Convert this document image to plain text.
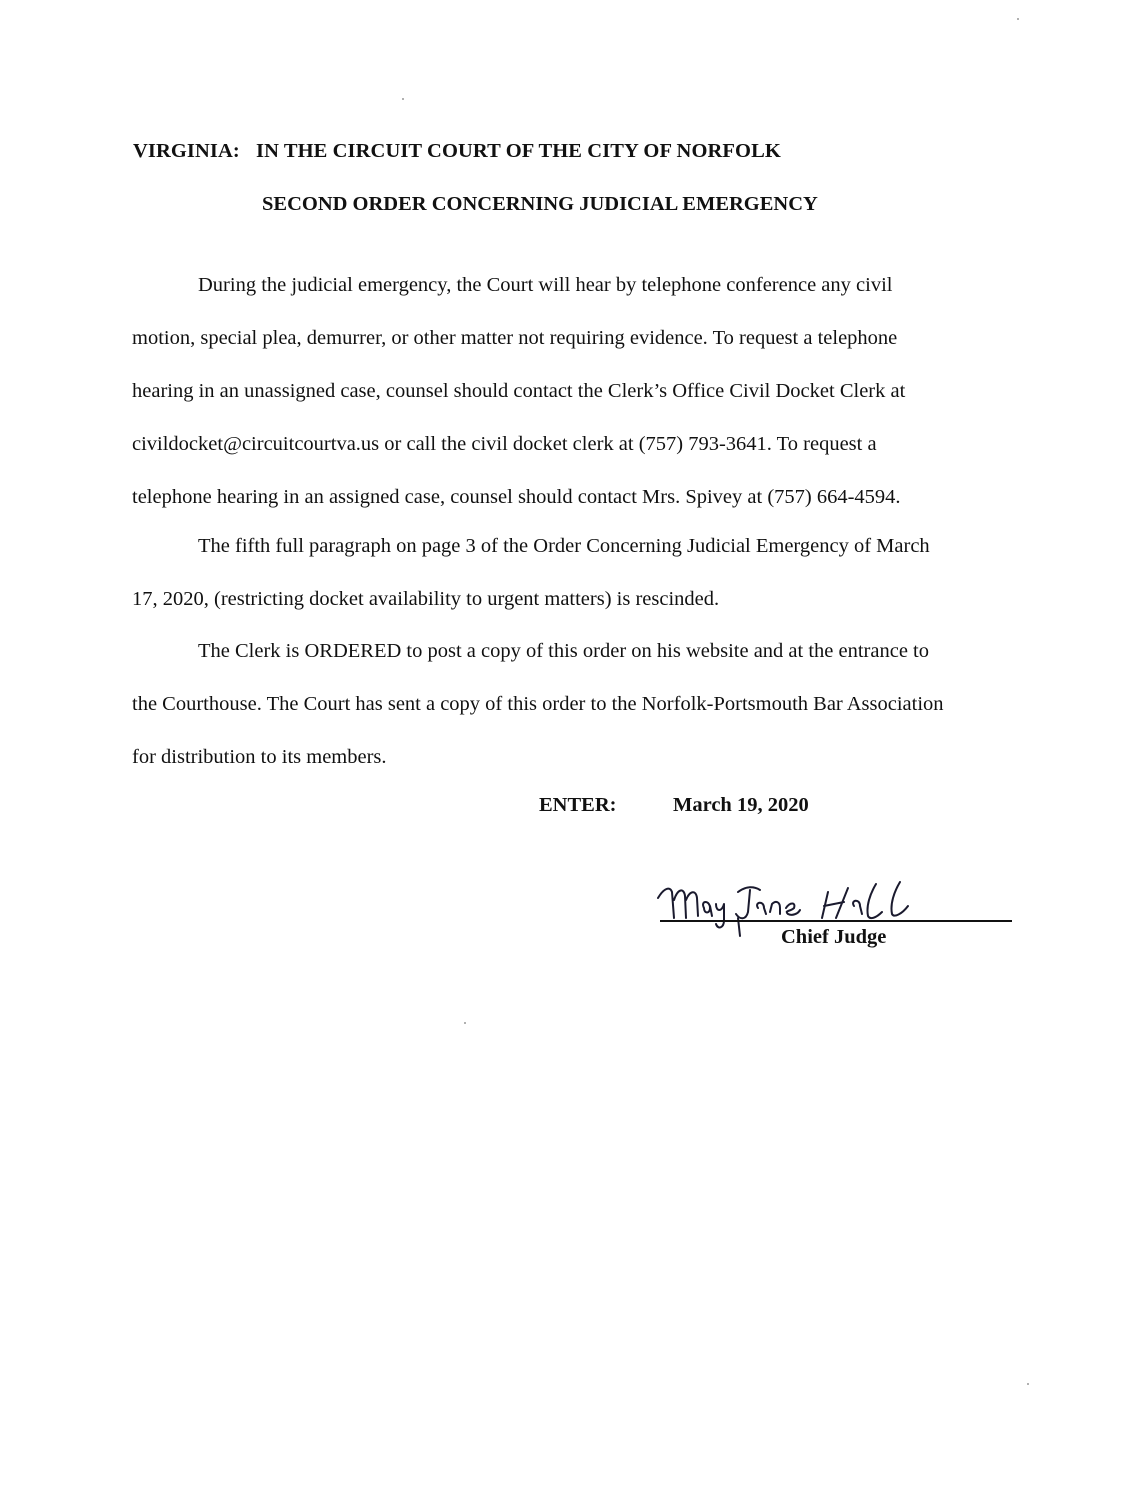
VIRGINIA: IN THE CIRCUIT COURT OF THE CITY OF NORFOLK
SECOND ORDER CONCERNING JUDICIAL EMERGENCY

During the judicial emergency, the Court will hear by telephone conference any civil
motion, special plea, demurrer, or other matter not requiring evidence. To request a telephone
hearing in an unassigned case, counsel should contact the Clerk’s Office Civil Docket Clerk at
civildocket@circuitcourtva.us or call the civil docket clerk at (757) 793-3641. To request a
telephone hearing in an assigned case, counsel should contact Mrs. Spivey at (757) 664-4594.

The fifth full paragraph on page 3 of the Order Concerning Judicial Emergency of March
17, 2020, (restricting docket availability to urgent matters) is rescinded.

The Clerk is ORDERED to post a copy of this order on his website and at the entrance to
the Courthouse. The Court has sent a copy of this order to the Norfolk-Portsmouth Bar Association
for distribution to its members.

ENTER:	March 19, 2020
Chief Judge
